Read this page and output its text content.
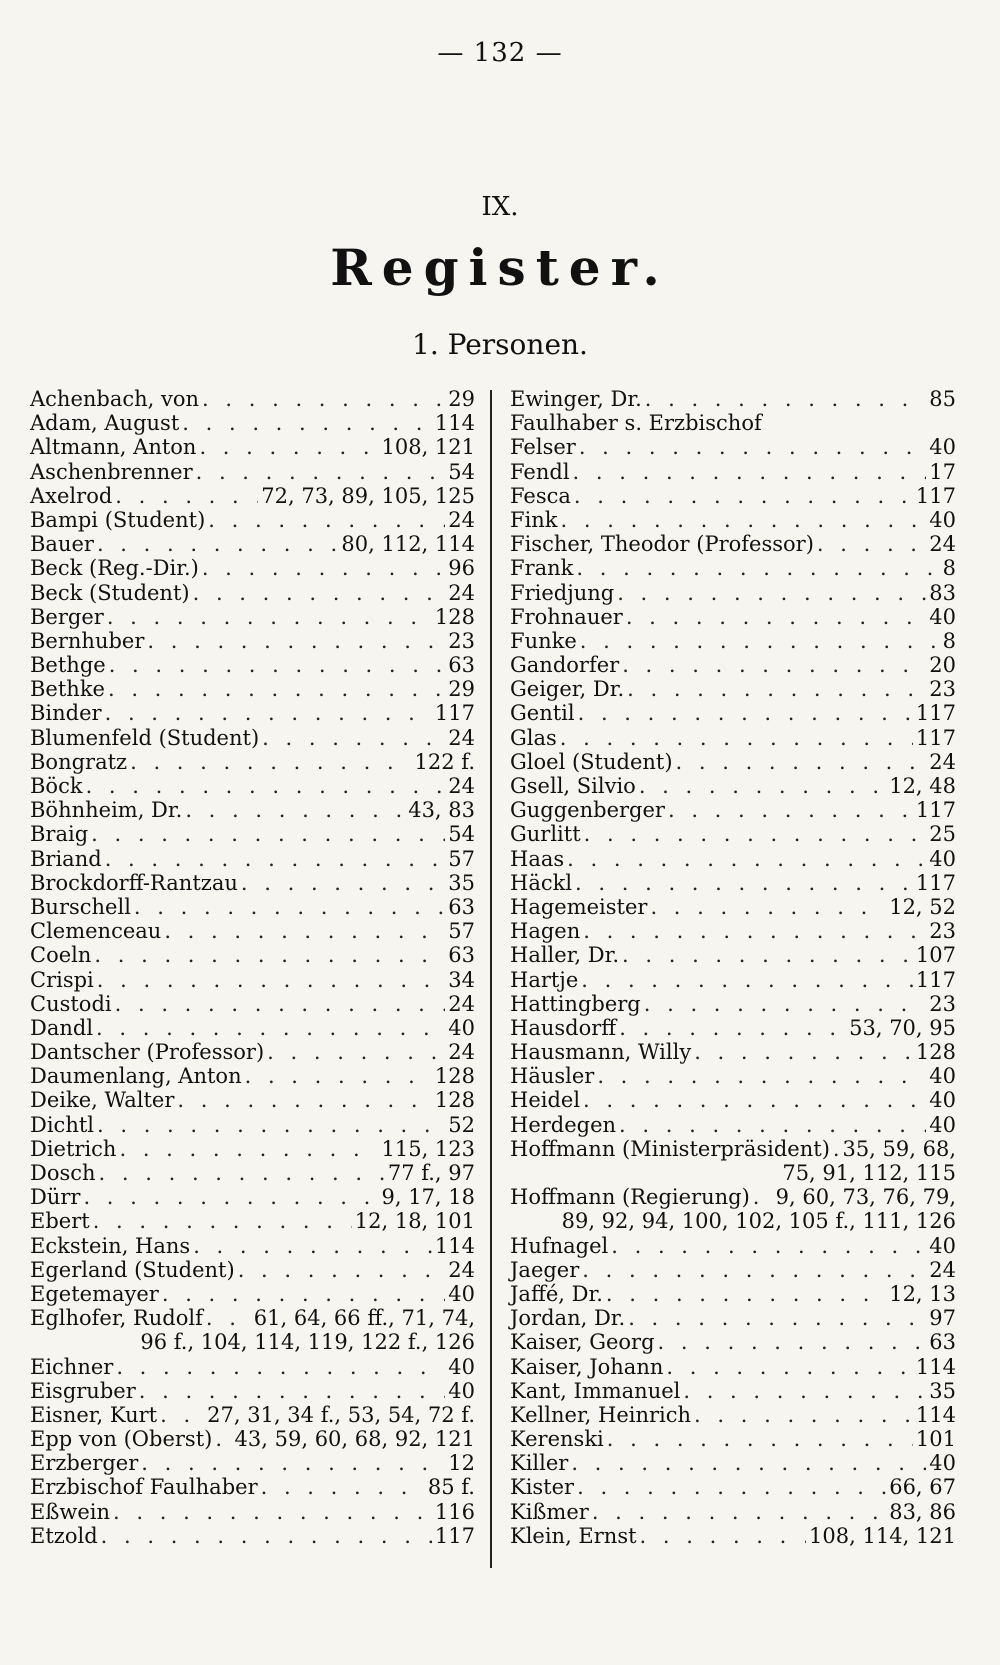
— 132 —
IX.
Register.
1. Personen.
Achenbach, von . . .	29
Adam, August . . .	114
Altmann, Anton . . .	108, 121
Aschenbrenner . . .	54
Axelrod . . .	72, 73, 89, 105, 125
Bampi (Student) . . .	24
Bauer . . .	80, 112, 114
Beck (Reg.-Dir.) . . .	96
Beck (Student) . . .	24
Berger . . .	128
Bernhuber . . .	23
Bethge . . .	63
Bethke . . .	29
Binder . . .	117
Blumenfeld (Student) . . .	24
Bongratz . . .	122 f.
Böck . . .	24
Böhnheim, Dr. . . .	43, 83
Braig . . .	54
Briand . . .	57
Brockdorff-Rantzau . . .	35
Burschell . . .	63
Clemenceau . . .	57
Coeln . . .	63
Crispi . . .	34
Custodi . . .	24
Dandl . . .	40
Dantscher (Professor) . . .	24
Daumenlang, Anton . . .	128
Deike, Walter . . .	128
Dichtl . . .	52
Dietrich . . .	115, 123
Dosch . . .	77 f., 97
Dürr . . .	9, 17, 18
Ebert . . .	12, 18, 101
Eckstein, Hans . . .	114
Egerland (Student) . . .	24
Egetemayer . . .	40
Eglhofer, Rudolf . . . 61, 64, 66 ff., 71, 74,
96 f., 104, 114, 119, 122 f., 126
Eichner . . .	40
Eisgruber . . .	40
Eisner, Kurt . . . 27, 31, 34 f., 53, 54, 72 f.
Epp von (Oberst) . . . 43, 59, 60, 68, 92, 121
Erzberger . . .	12
Erzbischof Faulhaber . . .	85 f.
Eßwein . . .	116
Etzold . . .	117
Ewinger, Dr. . . .	85
Faulhaber s. Erzbischof
Felser . . .	40
Fendl . . .	17
Fesca . . .	117
Fink . . .	40
Fischer, Theodor (Professor) . . .	24
Frank . . .	8
Friedjung . . .	83
Frohnauer . . .	40
Funke . . .	8
Gandorfer . . .	20
Geiger, Dr. . . .	23
Gentil . . .	117
Glas . . .	117
Gloel (Student) . . .	24
Gsell, Silvio . . .	12, 48
Guggenberger . . .	117
Gurlitt . . .	25
Haas . . .	40
Häckl . . .	117
Hagemeister . . .	12, 52
Hagen . . .	23
Haller, Dr. . . .	107
Hartje . . .	117
Hattingberg . . .	23
Hausdorff . . .	53, 70, 95
Hausmann, Willy . . .	128
Häusler . . .	40
Heidel . . .	40
Herdegen . . .	40
Hoffmann (Ministerpräsident) . . . 35, 59, 68,
75, 91, 112, 115
Hoffmann (Regierung) . . . 9, 60, 73, 76, 79,
89, 92, 94, 100, 102, 105 f., 111, 126
Hufnagel . . .	40
Jaeger . . .	24
Jaffé, Dr. . . .	12, 13
Jordan, Dr. . . .	97
Kaiser, Georg . . .	63
Kaiser, Johann . . .	114
Kant, Immanuel . . .	35
Kellner, Heinrich . . .	114
Kerenski . . .	101
Killer . . .	40
Kister . . .	66, 67
Kißmer . . .	83, 86
Klein, Ernst . . .	108, 114, 121
